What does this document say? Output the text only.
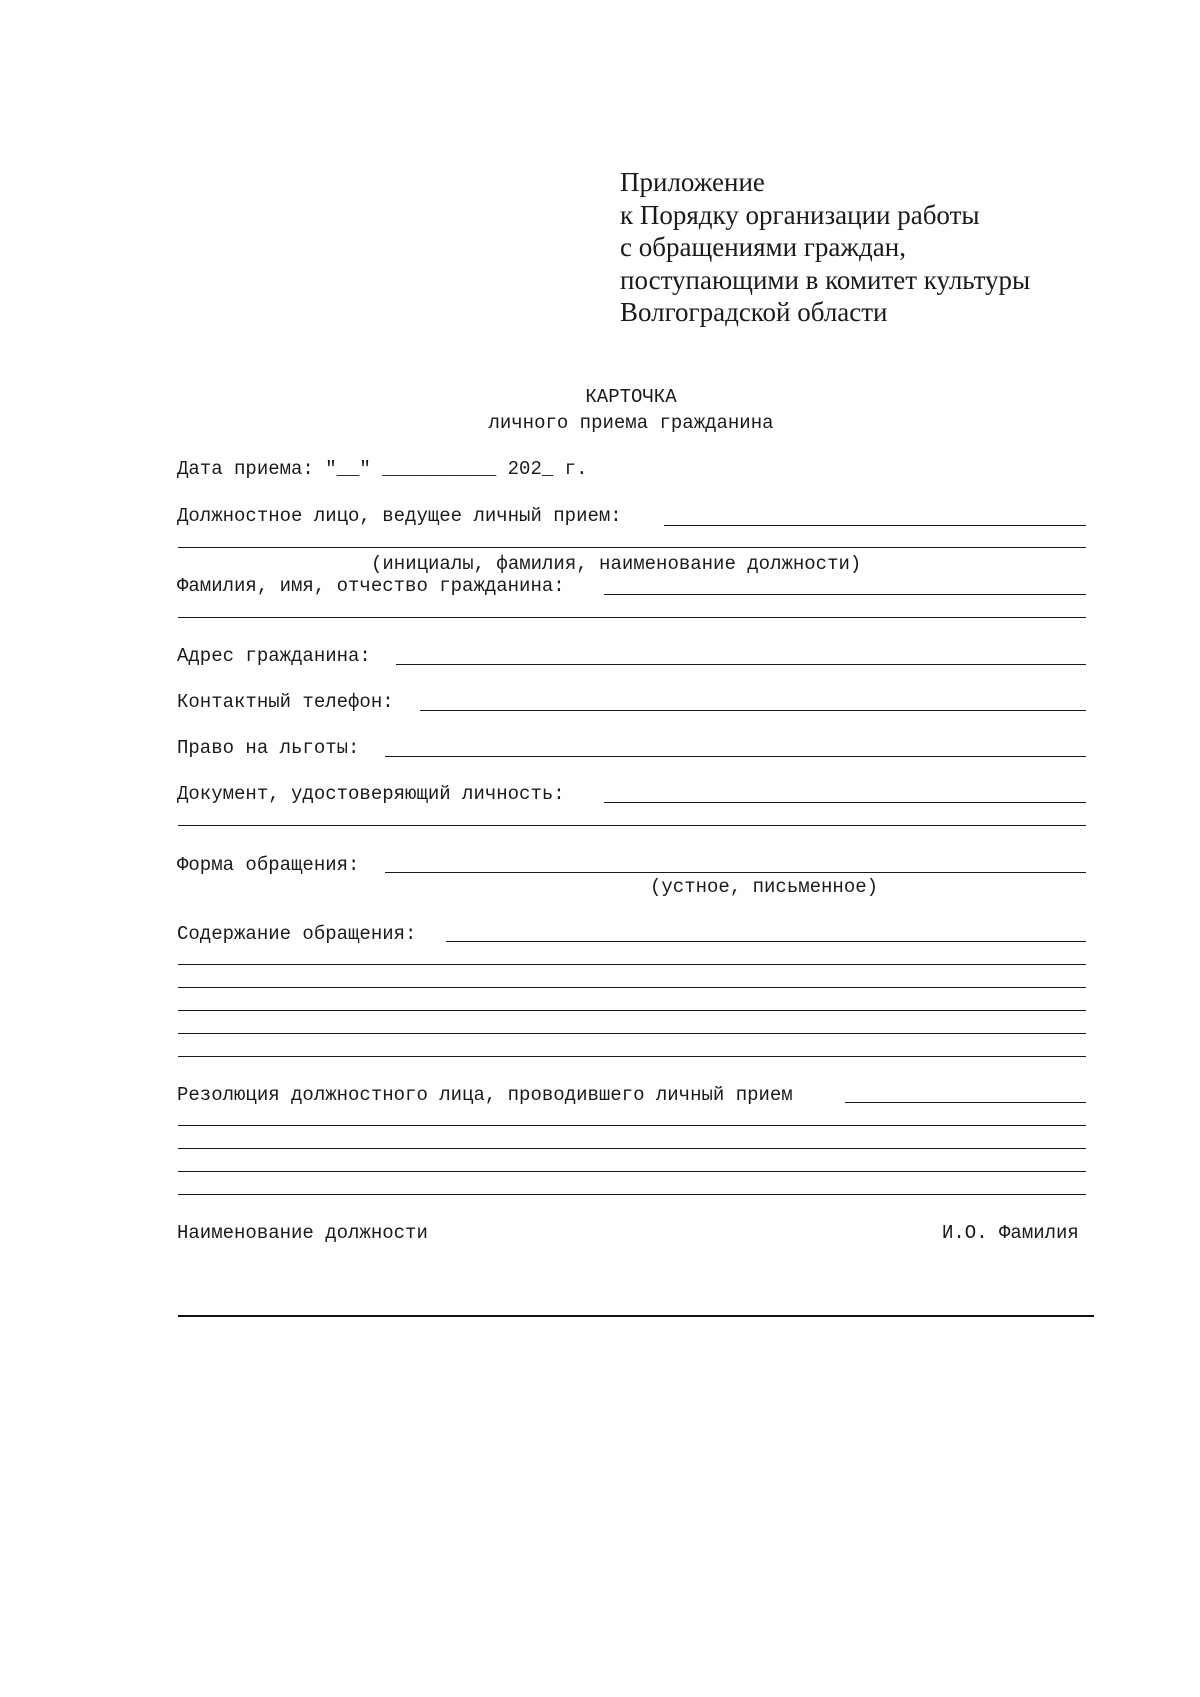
Приложение
к Порядку организации работы
с обращениями граждан,
поступающими в комитет культуры
Волгоградской области
КАРТОЧКА
личного приема гражданина
Дата приема: "__" __________ 202_ г.
Должностное лицо, ведущее личный прием:
(инициалы, фамилия, наименование должности)
Фамилия, имя, отчество гражданина:
Адрес гражданина:
Контактный телефон:
Право на льготы:
Документ, удостоверяющий личность:
Форма обращения:
(устное, письменное)
Содержание обращения:
Резолюция должностного лица, проводившего личный прием
Наименование должности	И.О. Фамилия
